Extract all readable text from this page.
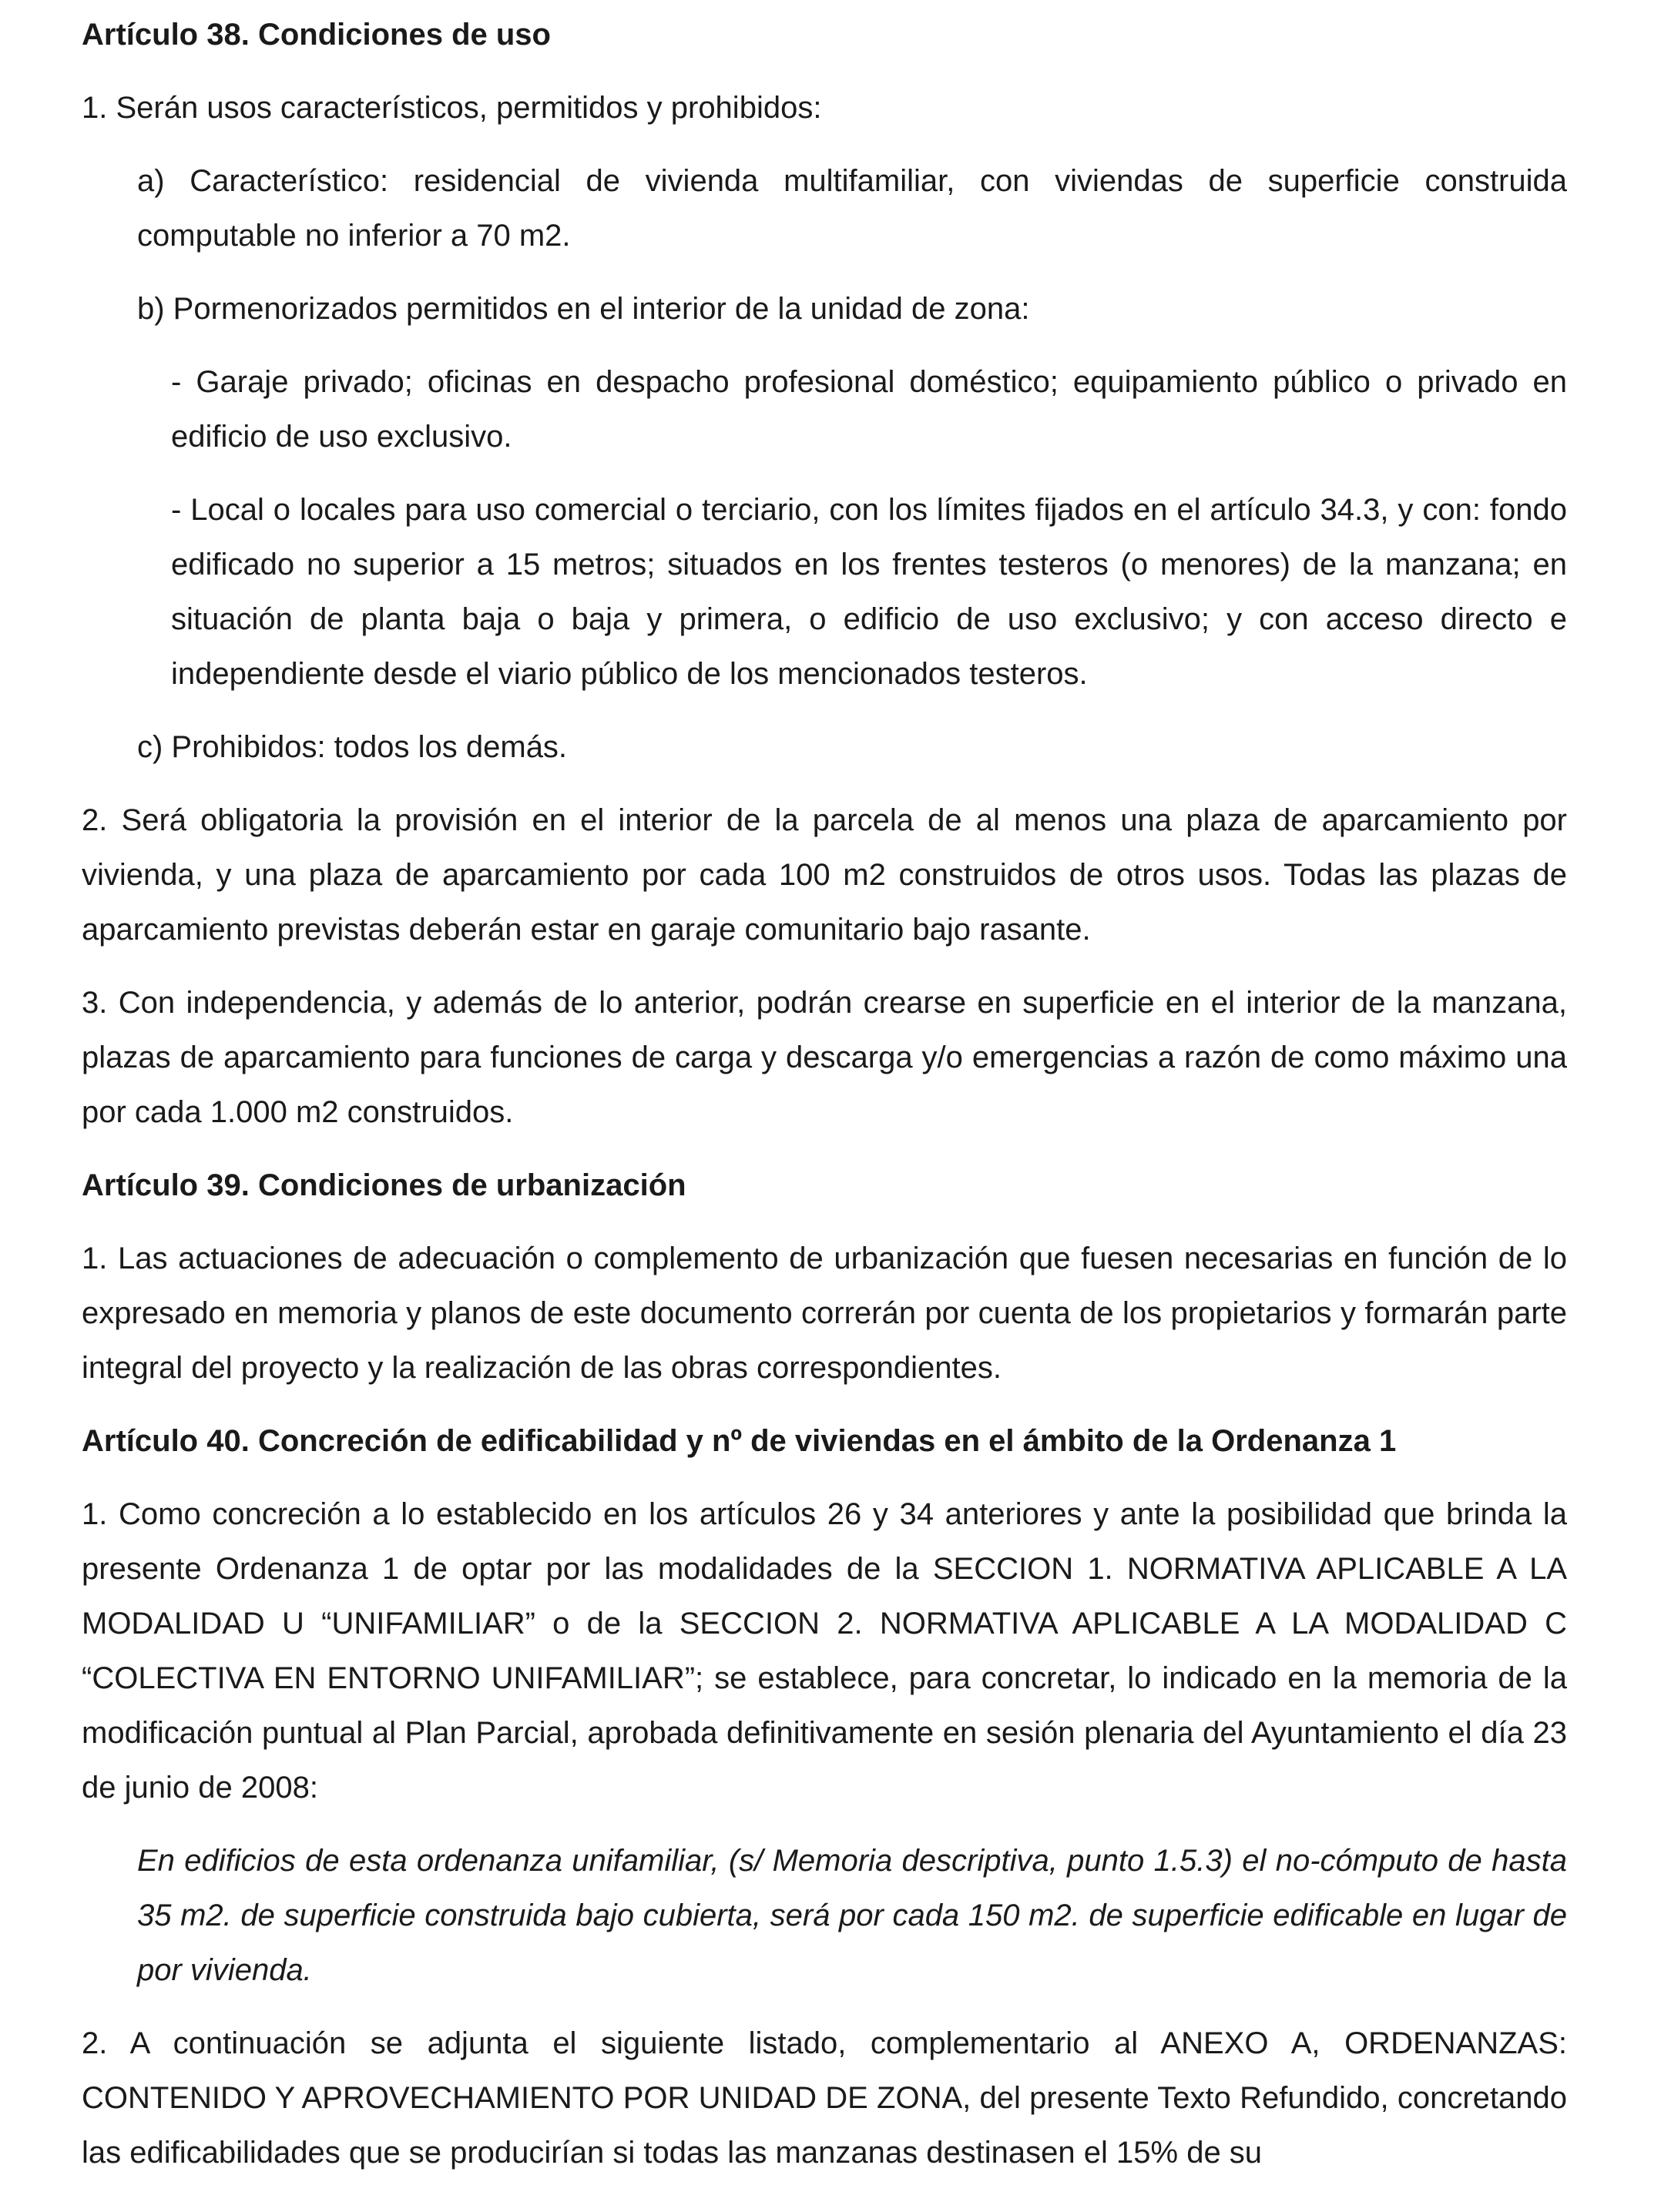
Artículo 38. Condiciones de uso
1. Serán usos característicos, permitidos y prohibidos:
a) Característico: residencial de vivienda multifamiliar, con viviendas de superficie construida computable no inferior a 70 m2.
b) Pormenorizados permitidos en el interior de la unidad de zona:
- Garaje privado; oficinas en despacho profesional doméstico; equipamiento público o privado en edificio de uso exclusivo.
- Local o locales para uso comercial o terciario, con los límites fijados en el artículo 34.3, y con: fondo edificado no superior a 15 metros; situados en los frentes testeros (o menores) de la manzana; en situación de planta baja o baja y primera, o edificio de uso exclusivo; y con acceso directo e independiente desde el viario público de los mencionados testeros.
c) Prohibidos: todos los demás.
2. Será obligatoria la provisión en el interior de la parcela de al menos una plaza de aparcamiento por vivienda, y una plaza de aparcamiento por cada 100 m2 construidos de otros usos. Todas las plazas de aparcamiento previstas deberán estar en garaje comunitario bajo rasante.
3. Con independencia, y además de lo anterior, podrán crearse en superficie en el interior de la manzana, plazas de aparcamiento para funciones de carga y descarga y/o emergencias a razón de como máximo una por cada 1.000 m2 construidos.
Artículo 39. Condiciones de urbanización
1. Las actuaciones de adecuación o complemento de urbanización que fuesen necesarias en función de lo expresado en memoria y planos de este documento correrán por cuenta de los propietarios y formarán parte integral del proyecto y la realización de las obras correspondientes.
Artículo 40. Concreción de edificabilidad y nº de viviendas en el ámbito de la Ordenanza 1
1. Como concreción a lo establecido en los artículos 26 y 34 anteriores y ante la posibilidad que brinda la presente Ordenanza 1 de optar por las modalidades de la SECCION 1. NORMATIVA APLICABLE A LA MODALIDAD U “UNIFAMILIAR” o de la SECCION 2. NORMATIVA APLICABLE A LA MODALIDAD C “COLECTIVA EN ENTORNO UNIFAMILIAR”; se establece, para concretar, lo indicado en la memoria de la modificación puntual al Plan Parcial, aprobada definitivamente en sesión plenaria del Ayuntamiento el día 23 de junio de 2008:
En edificios de esta ordenanza unifamiliar, (s/ Memoria descriptiva, punto 1.5.3) el no-cómputo de hasta 35 m2. de superficie construida bajo cubierta, será por cada 150 m2. de superficie edificable en lugar de por vivienda.
2. A continuación se adjunta el siguiente listado, complementario al ANEXO A, ORDENANZAS: CONTENIDO Y APROVECHAMIENTO POR UNIDAD DE ZONA, del presente Texto Refundido, concretando las edificabilidades que se producirían si todas las manzanas destinasen el 15% de su
